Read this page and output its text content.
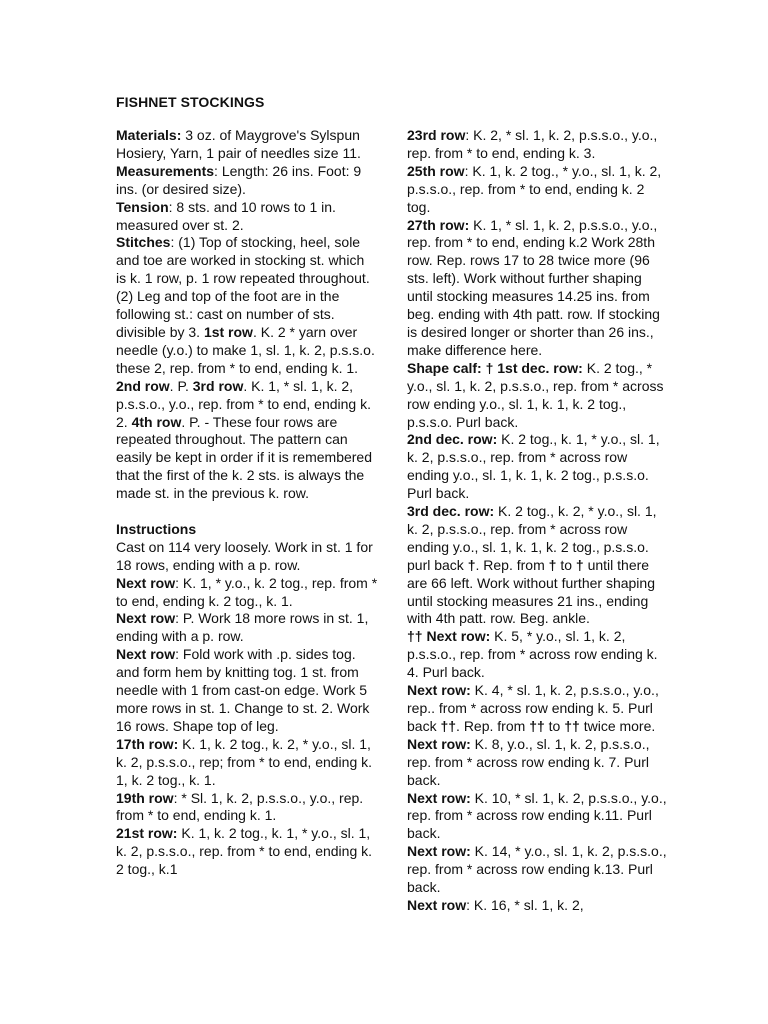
FISHNET STOCKINGS

Materials: 3 oz. of Maygrove's Sylspun Hosiery, Yarn, 1 pair of needles size 11.

Measurements: Length: 26 ins. Foot: 9 ins. (or desired size).

Tension: 8 sts. and 10 rows to 1 in. measured over st. 2.

Stitches: (1) Top of stocking, heel, sole and toe are worked in stocking st. which is k. 1 row, p. 1 row repeated throughout. (2) Leg and top of the foot are in the following st.: cast on number of sts. divisible by 3. 1st row. K. 2 * yarn over needle (y.o.) to make 1, sl. 1, k. 2, p.s.s.o. these 2, rep. from * to end, ending k. 1. 2nd row. P. 3rd row. K. 1, * sl. 1, k. 2, p.s.s.o., y.o., rep. from * to end, ending k. 2. 4th row. P. - These four rows are repeated throughout. The pattern can easily be kept in order if it is remembered that the first of the k. 2 sts. is always the made st. in the previous k. row.

Instructions

Cast on 114 very loosely. Work in st. 1 for 18 rows, ending with a p. row.

Next row: K. 1, * y.o., k. 2 tog., rep. from * to end, ending k. 2 tog., k. 1.

Next row: P. Work 18 more rows in st. 1, ending with a p. row.

Next row: Fold work with .p. sides tog. and form hem by knitting tog. 1 st. from needle with 1 from cast-on edge. Work 5 more rows in st. 1. Change to st. 2. Work 16 rows. Shape top of leg.

17th row: K. 1, k. 2 tog., k. 2, * y.o., sl. 1, k. 2, p.s.s.o., rep; from * to end, ending k. 1, k. 2 tog., k. 1.

19th row: * Sl. 1, k. 2, p.s.s.o., y.o., rep. from * to end, ending k. 1.

21st row: K. 1, k. 2 tog., k. 1, * y.o., sl. 1, k. 2, p.s.s.o., rep. from * to end, ending k. 2 tog., k.1

23rd row: K. 2, * sl. 1, k. 2, p.s.s.o., y.o., rep. from * to end, ending k. 3.

25th row: K. 1, k. 2 tog., * y.o., sl. 1, k. 2, p.s.s.o., rep. from * to end, ending k. 2 tog.

27th row: K. 1, * sl. 1, k. 2, p.s.s.o., y.o., rep. from * to end, ending k.2 Work 28th row. Rep. rows 17 to 28 twice more (96 sts. left). Work without further shaping until stocking measures 14.25 ins. from beg. ending with 4th patt. row. If stocking is desired longer or shorter than 26 ins., make difference here.

Shape calf: † 1st dec. row: K. 2 tog., * y.o., sl. 1, k. 2, p.s.s.o., rep. from * across row ending y.o., sl. 1, k. 1, k. 2 tog., p.s.s.o. Purl back.

2nd dec. row: K. 2 tog., k. 1, * y.o., sl. 1, k. 2, p.s.s.o., rep. from * across row ending y.o., sl. 1, k. 1, k. 2 tog., p.s.s.o. Purl back.

3rd dec. row: K. 2 tog., k. 2, * y.o., sl. 1, k. 2, p.s.s.o., rep. from * across row ending y.o., sl. 1, k. 1, k. 2 tog., p.s.s.o. purl back †. Rep. from † to † until there are 66 left. Work without further shaping until stocking measures 21 ins., ending with 4th patt. row. Beg. ankle.

†† Next row: K. 5, * y.o., sl. 1, k. 2, p.s.s.o., rep. from * across row ending k. 4. Purl back.

Next row: K. 4, * sl. 1, k. 2, p.s.s.o., y.o., rep.. from * across row ending k. 5. Purl back ††. Rep. from †† to †† twice more.

Next row: K. 8, y.o., sl. 1, k. 2, p.s.s.o., rep. from * across row ending k. 7. Purl back.

Next row: K. 10, * sl. 1, k. 2, p.s.s.o., y.o., rep. from * across row ending k.11. Purl back.

Next row: K. 14, * y.o., sl. 1, k. 2, p.s.s.o., rep. from * across row ending k.13. Purl back.

Next row: K. 16, * sl. 1, k. 2,
